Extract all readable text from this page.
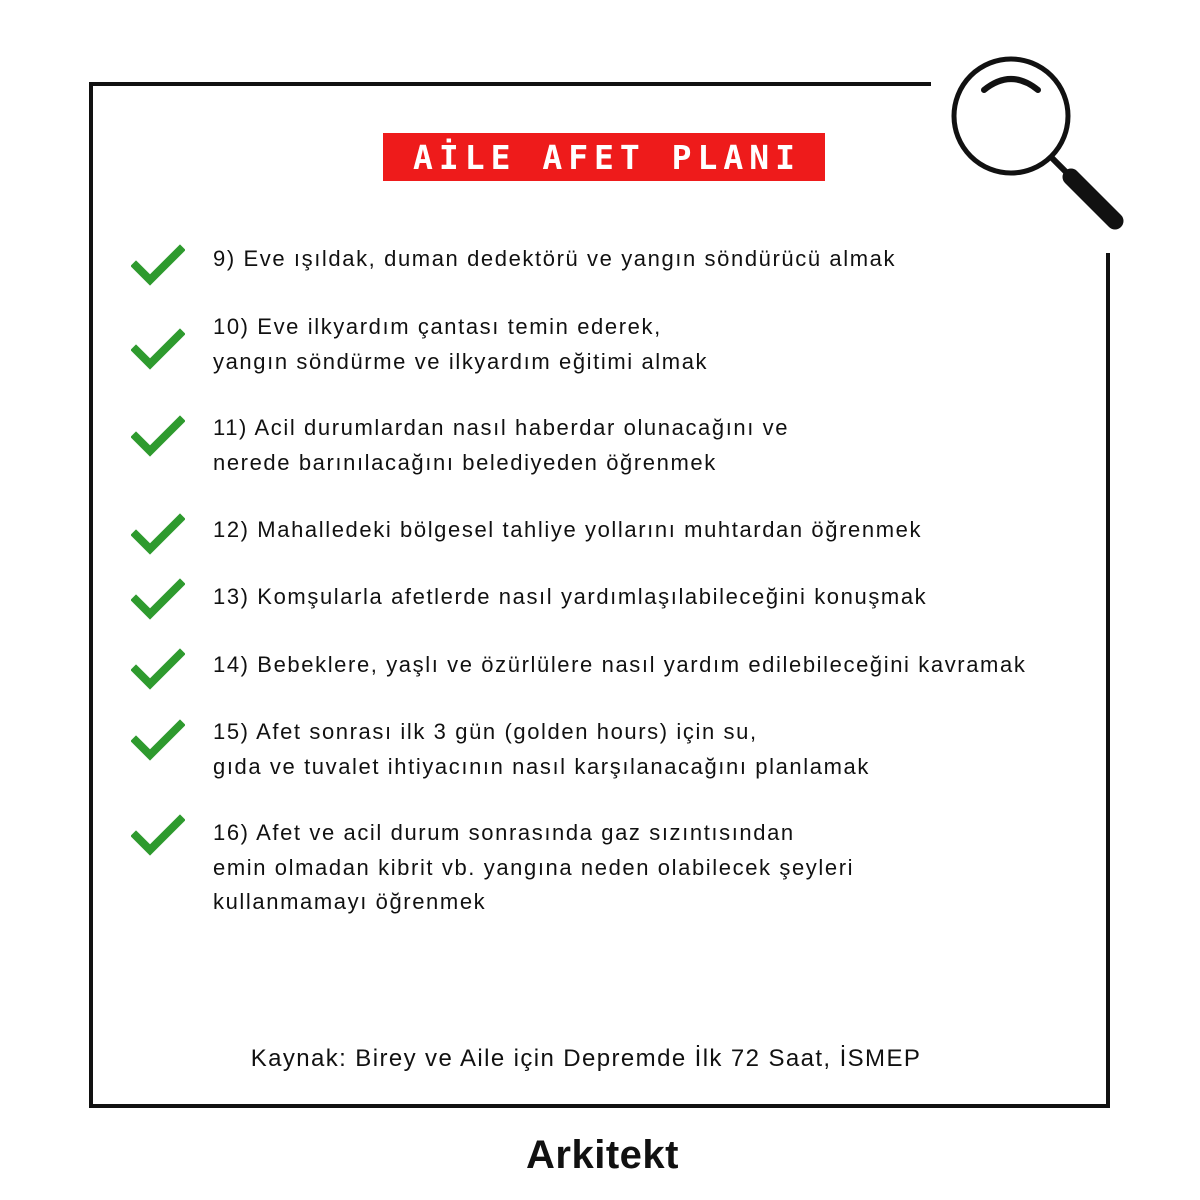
AİLE AFET PLANI
9) Eve ışıldak, duman dedektörü ve yangın söndürücü almak
10) Eve ilkyardım çantası temin ederek,
yangın söndürme ve ilkyardım eğitimi almak
11) Acil durumlardan nasıl haberdar olunacağını ve
nerede barınılacağını belediyeden öğrenmek
12) Mahalledeki bölgesel tahliye yollarını muhtardan öğrenmek
13) Komşularla afetlerde nasıl yardımlaşılabileceğini konuşmak
14) Bebeklere, yaşlı ve özürlülere nasıl yardım edilebileceğini kavramak
15) Afet sonrası ilk 3 gün (golden hours) için su,
gıda ve tuvalet ihtiyacının nasıl karşılanacağını planlamak
16) Afet ve acil durum sonrasında gaz sızıntısından
emin olmadan kibrit vb. yangına neden olabilecek şeyleri
kullanmamayı öğrenmek
Kaynak: Birey ve Aile için Depremde İlk 72 Saat, İSMEP
Arkitekt
